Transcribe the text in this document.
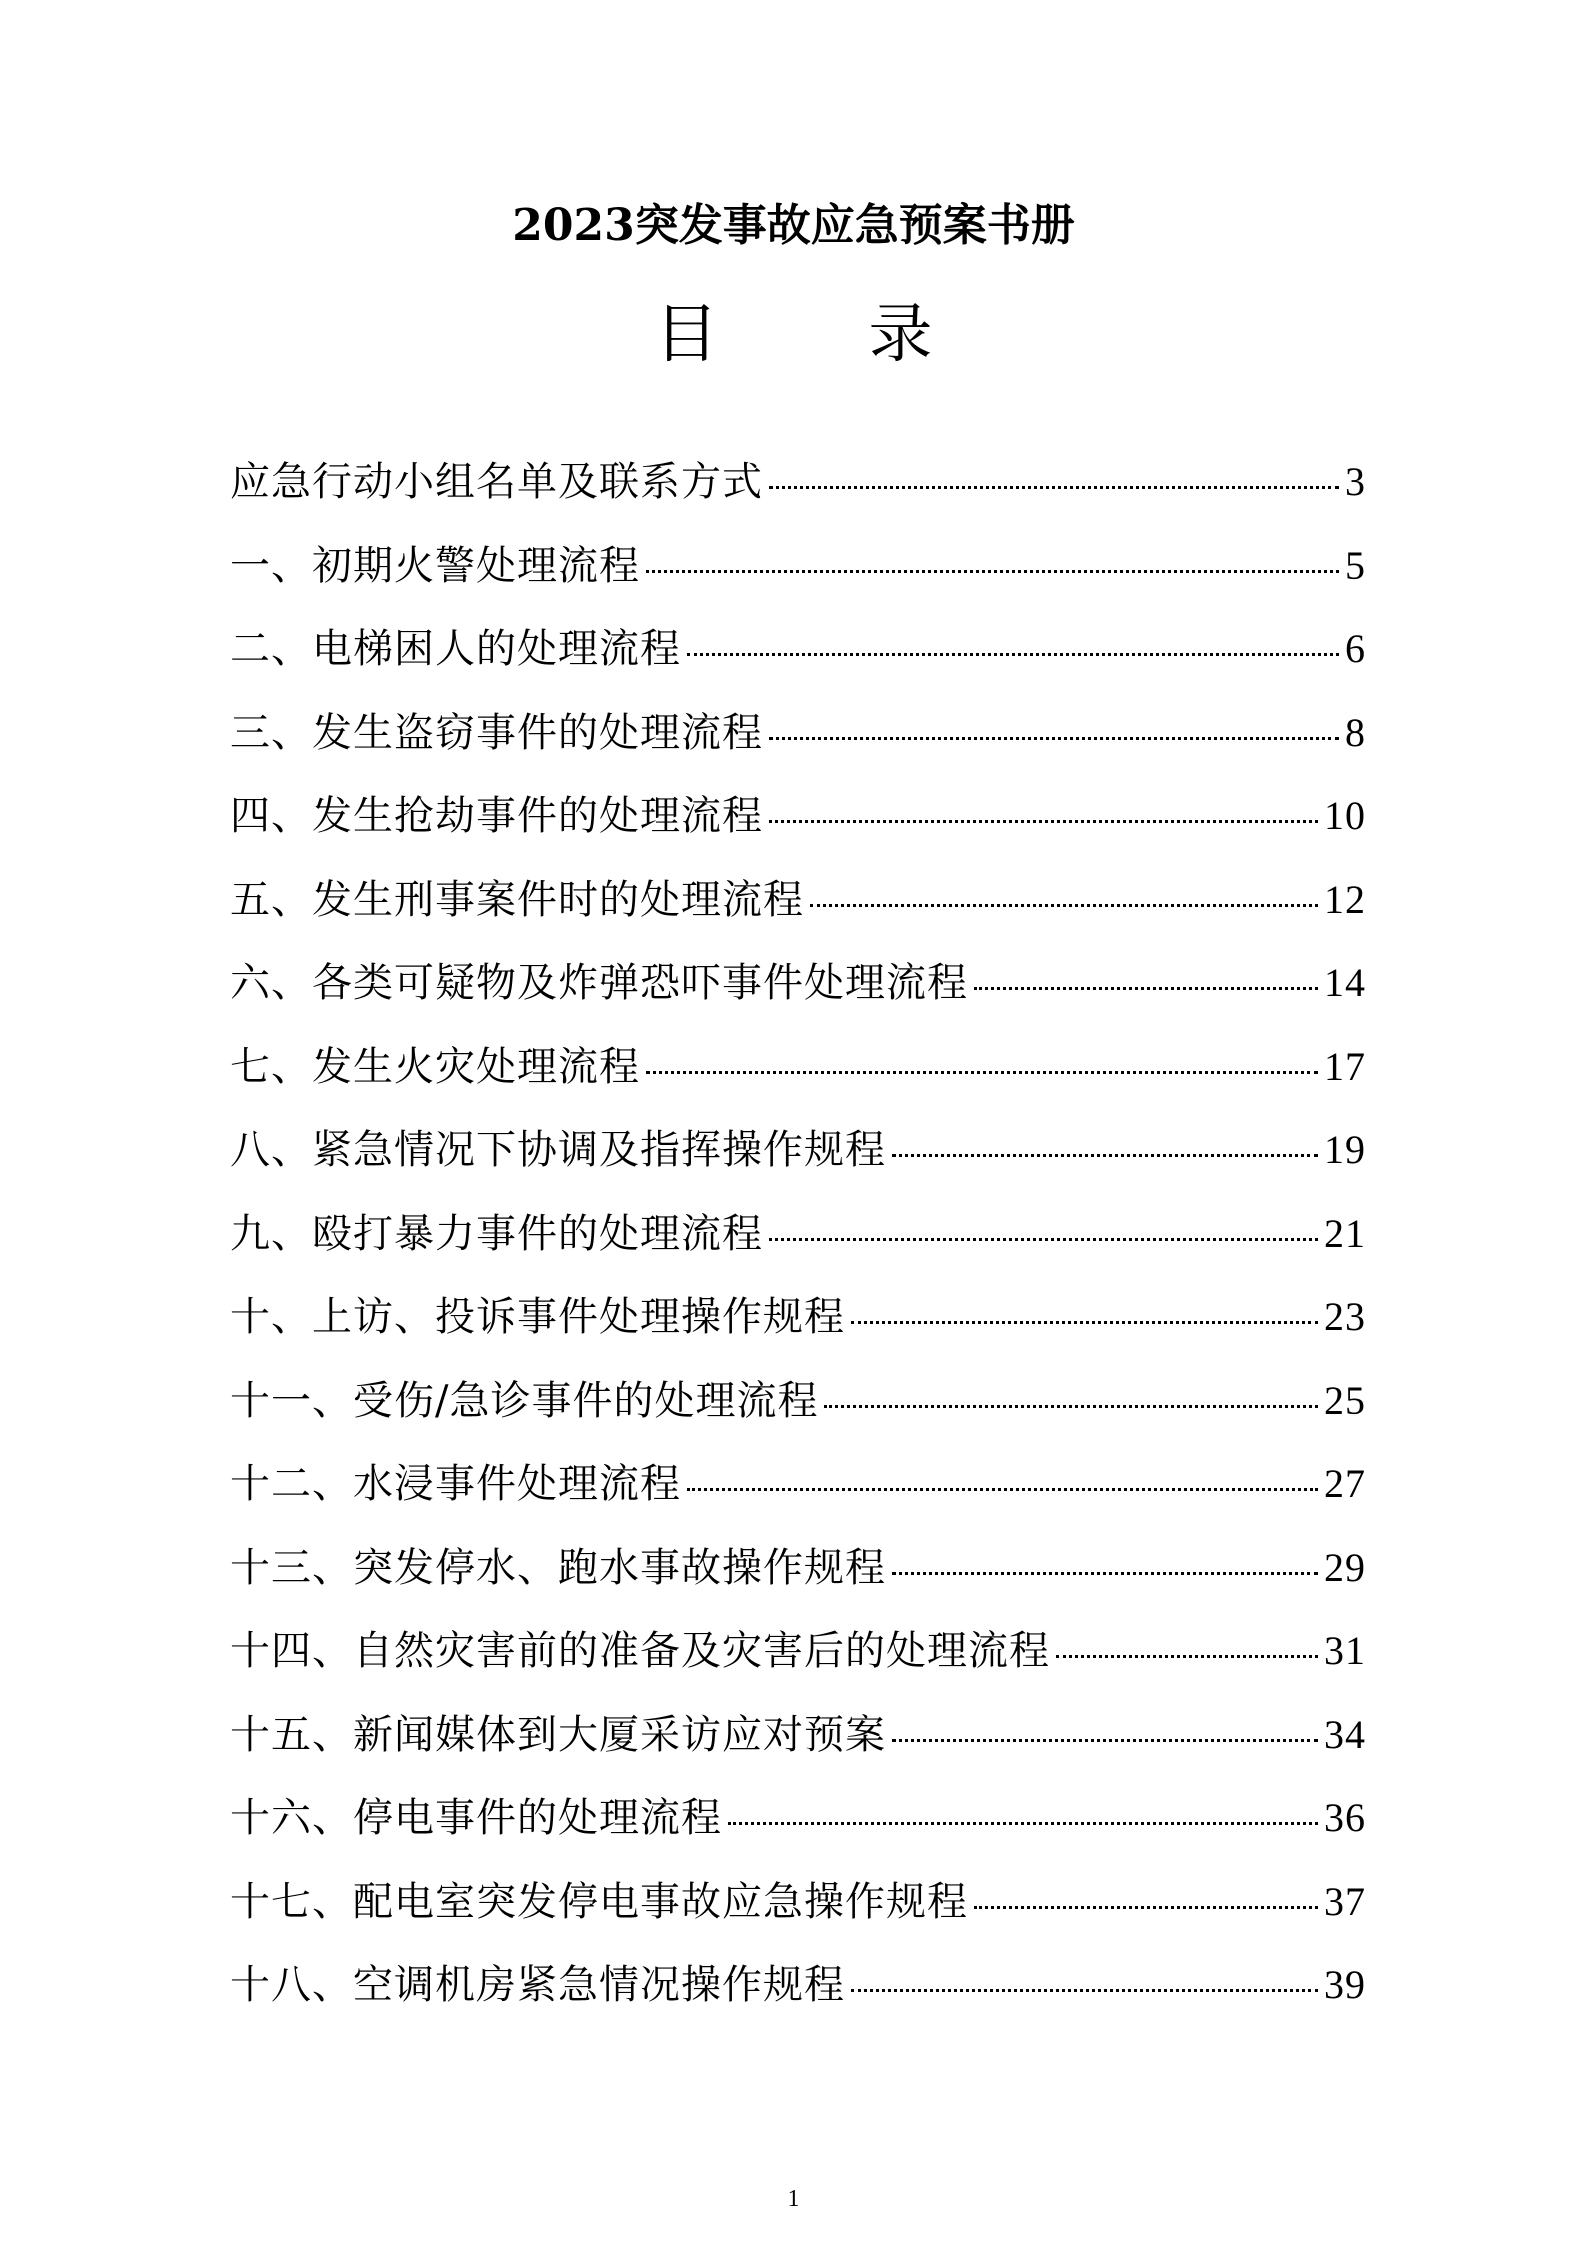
2023突发事故应急预案书册
目 录
应急行动小组名单及联系方式	3
一、初期火警处理流程	5
二、电梯困人的处理流程	6
三、发生盗窃事件的处理流程	8
四、发生抢劫事件的处理流程	10
五、发生刑事案件时的处理流程	12
六、各类可疑物及炸弹恐吓事件处理流程	14
七、发生火灾处理流程	17
八、紧急情况下协调及指挥操作规程	19
九、殴打暴力事件的处理流程	21
十、上访、投诉事件处理操作规程	23
十一、受伤/急诊事件的处理流程	25
十二、水浸事件处理流程	27
十三、突发停水、跑水事故操作规程	29
十四、自然灾害前的准备及灾害后的处理流程	31
十五、新闻媒体到大厦采访应对预案	34
十六、停电事件的处理流程	36
十七、配电室突发停电事故应急操作规程	37
十八、空调机房紧急情况操作规程	39
1
